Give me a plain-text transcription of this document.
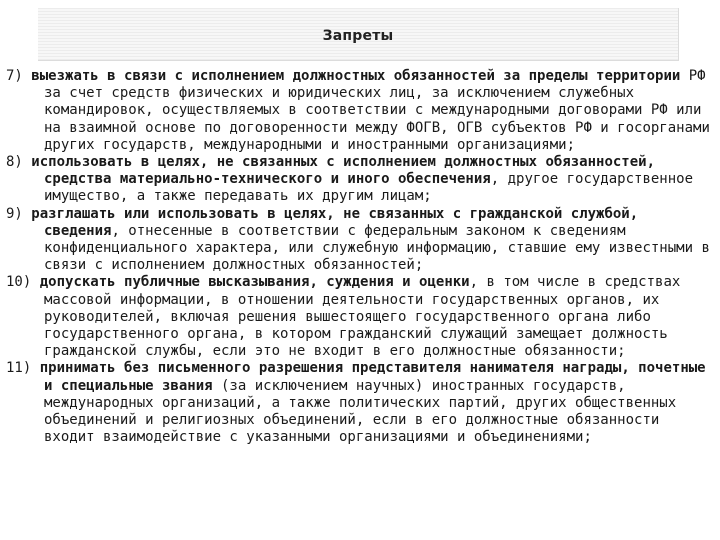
Запреты

7) выезжать в связи с исполнением должностных обязанностей за пределы территории РФ за счет средств физических и юридических лиц, за исключением служебных командировок, осуществляемых в соответствии с международными договорами РФ или на взаимной основе по договоренности между ФОГВ, ОГВ субъектов РФ и госорганами других государств, международными и иностранными организациями;

8) использовать в целях, не связанных с исполнением должностных обязанностей, средства материально-технического и иного обеспечения, другое государственное имущество, а также передавать их другим лицам;

9) разглашать или использовать в целях, не связанных с гражданской службой, сведения, отнесенные в соответствии с федеральным законом к сведениям конфиденциального характера, или служебную информацию, ставшие ему известными в связи с исполнением должностных обязанностей;

10) допускать публичные высказывания, суждения и оценки, в том числе в средствах массовой информации, в отношении деятельности государственных органов, их руководителей, включая решения вышестоящего государственного органа либо государственного органа, в котором гражданский служащий замещает должность гражданской службы, если это не входит в его должностные обязанности;

11) принимать без письменного разрешения представителя нанимателя награды, почетные и специальные звания (за исключением научных) иностранных государств, международных организаций, а также политических партий, других общественных объединений и религиозных объединений, если в его должностные обязанности входит взаимодействие с указанными организациями и объединениями;
